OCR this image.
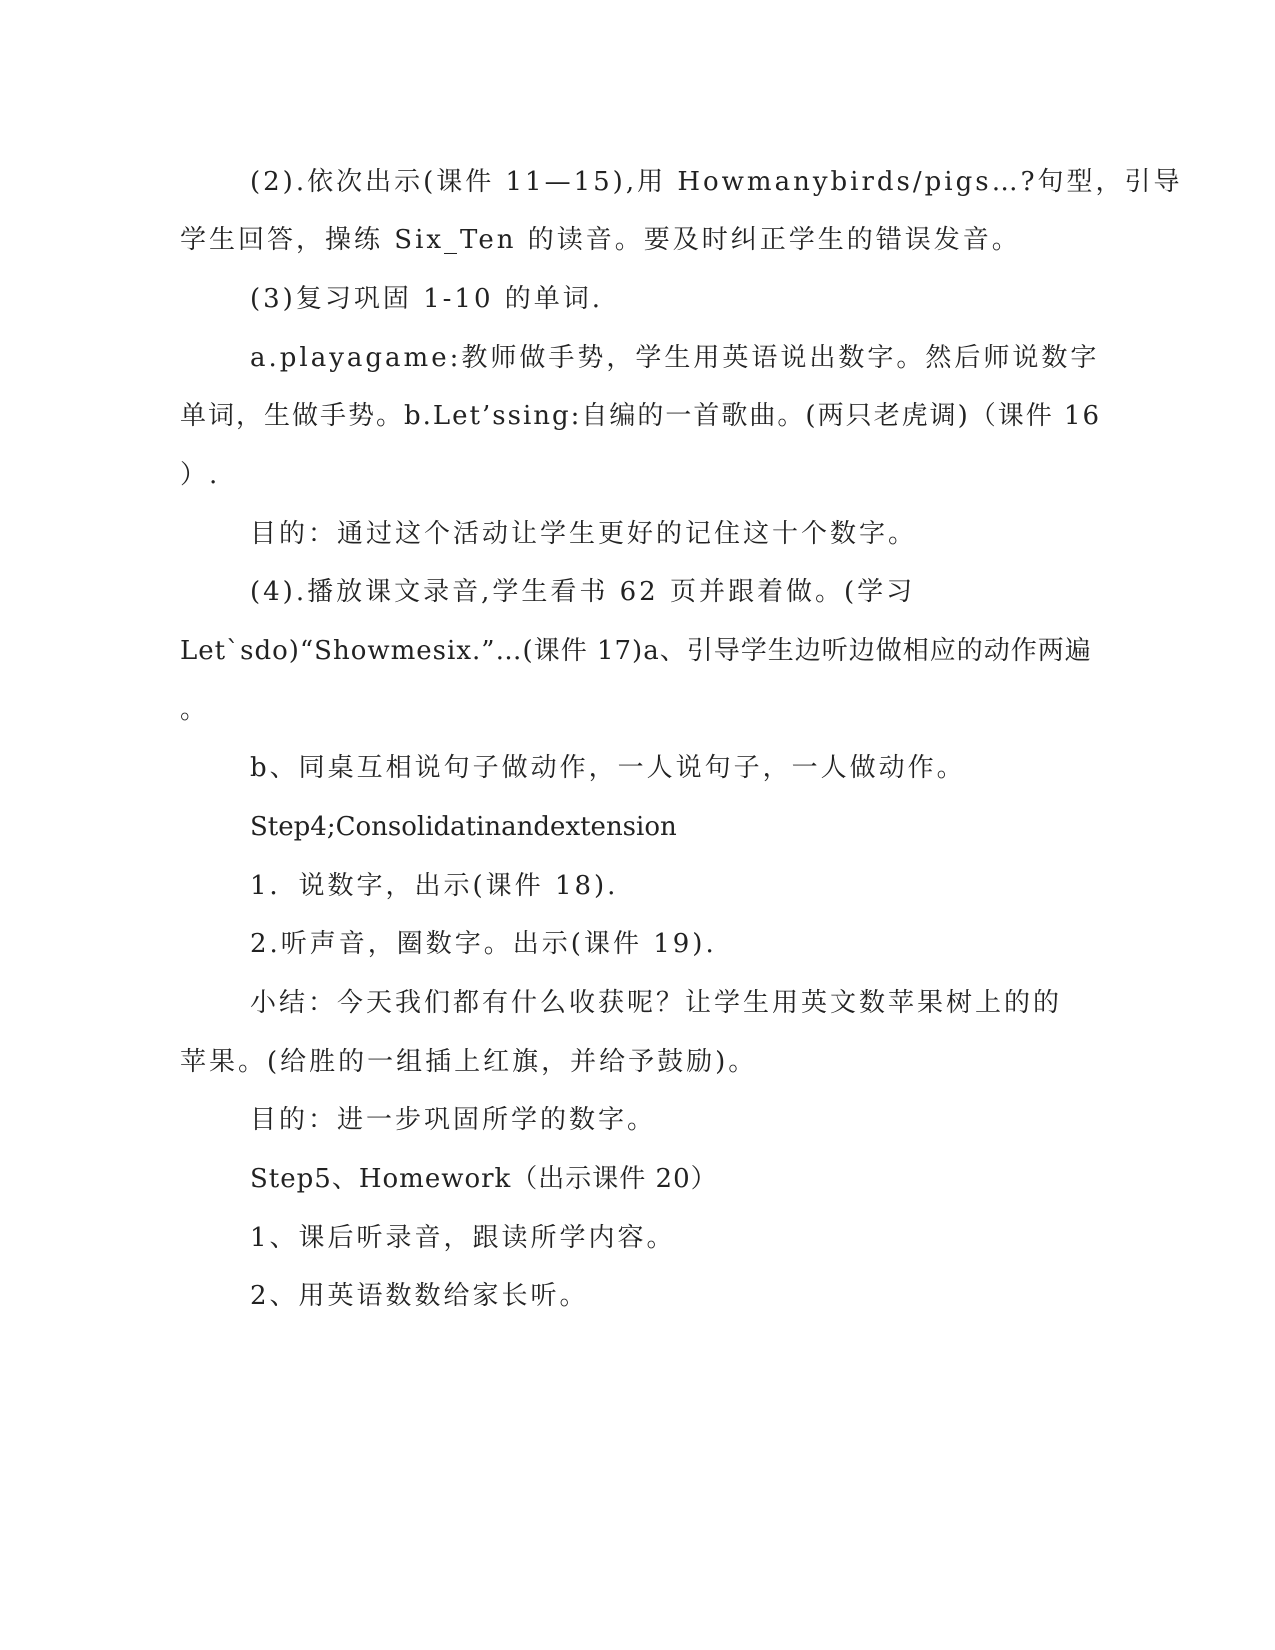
(2).依次出示(课件 11—15),用 Howmanybirds/pigs…?句型，引导
学生回答，操练 Six_Ten 的读音。要及时纠正学生的错误发音。
(3)复习巩固 1-10 的单词.
a.playagame:教师做手势，学生用英语说出数字。然后师说数字
单词，生做手势。b.Let’ssing:自编的一首歌曲。(两只老虎调)（课件 16
）.
目的：通过这个活动让学生更好的记住这十个数字。
(4).播放课文录音,学生看书 62 页并跟着做。(学习
Let`sdo)“Showmesix.”…(课件 17)a、引导学生边听边做相应的动作两遍
。
b、同桌互相说句子做动作，一人说句子，一人做动作。
Step4;Consolidatinandextension
1．说数字，出示(课件 18).
2.听声音，圈数字。出示(课件 19).
小结：今天我们都有什么收获呢？让学生用英文数苹果树上的的
苹果。(给胜的一组插上红旗，并给予鼓励)。
目的：进一步巩固所学的数字。
Step5、Homework（出示课件 20）
1、课后听录音，跟读所学内容。
2、用英语数数给家长听。
